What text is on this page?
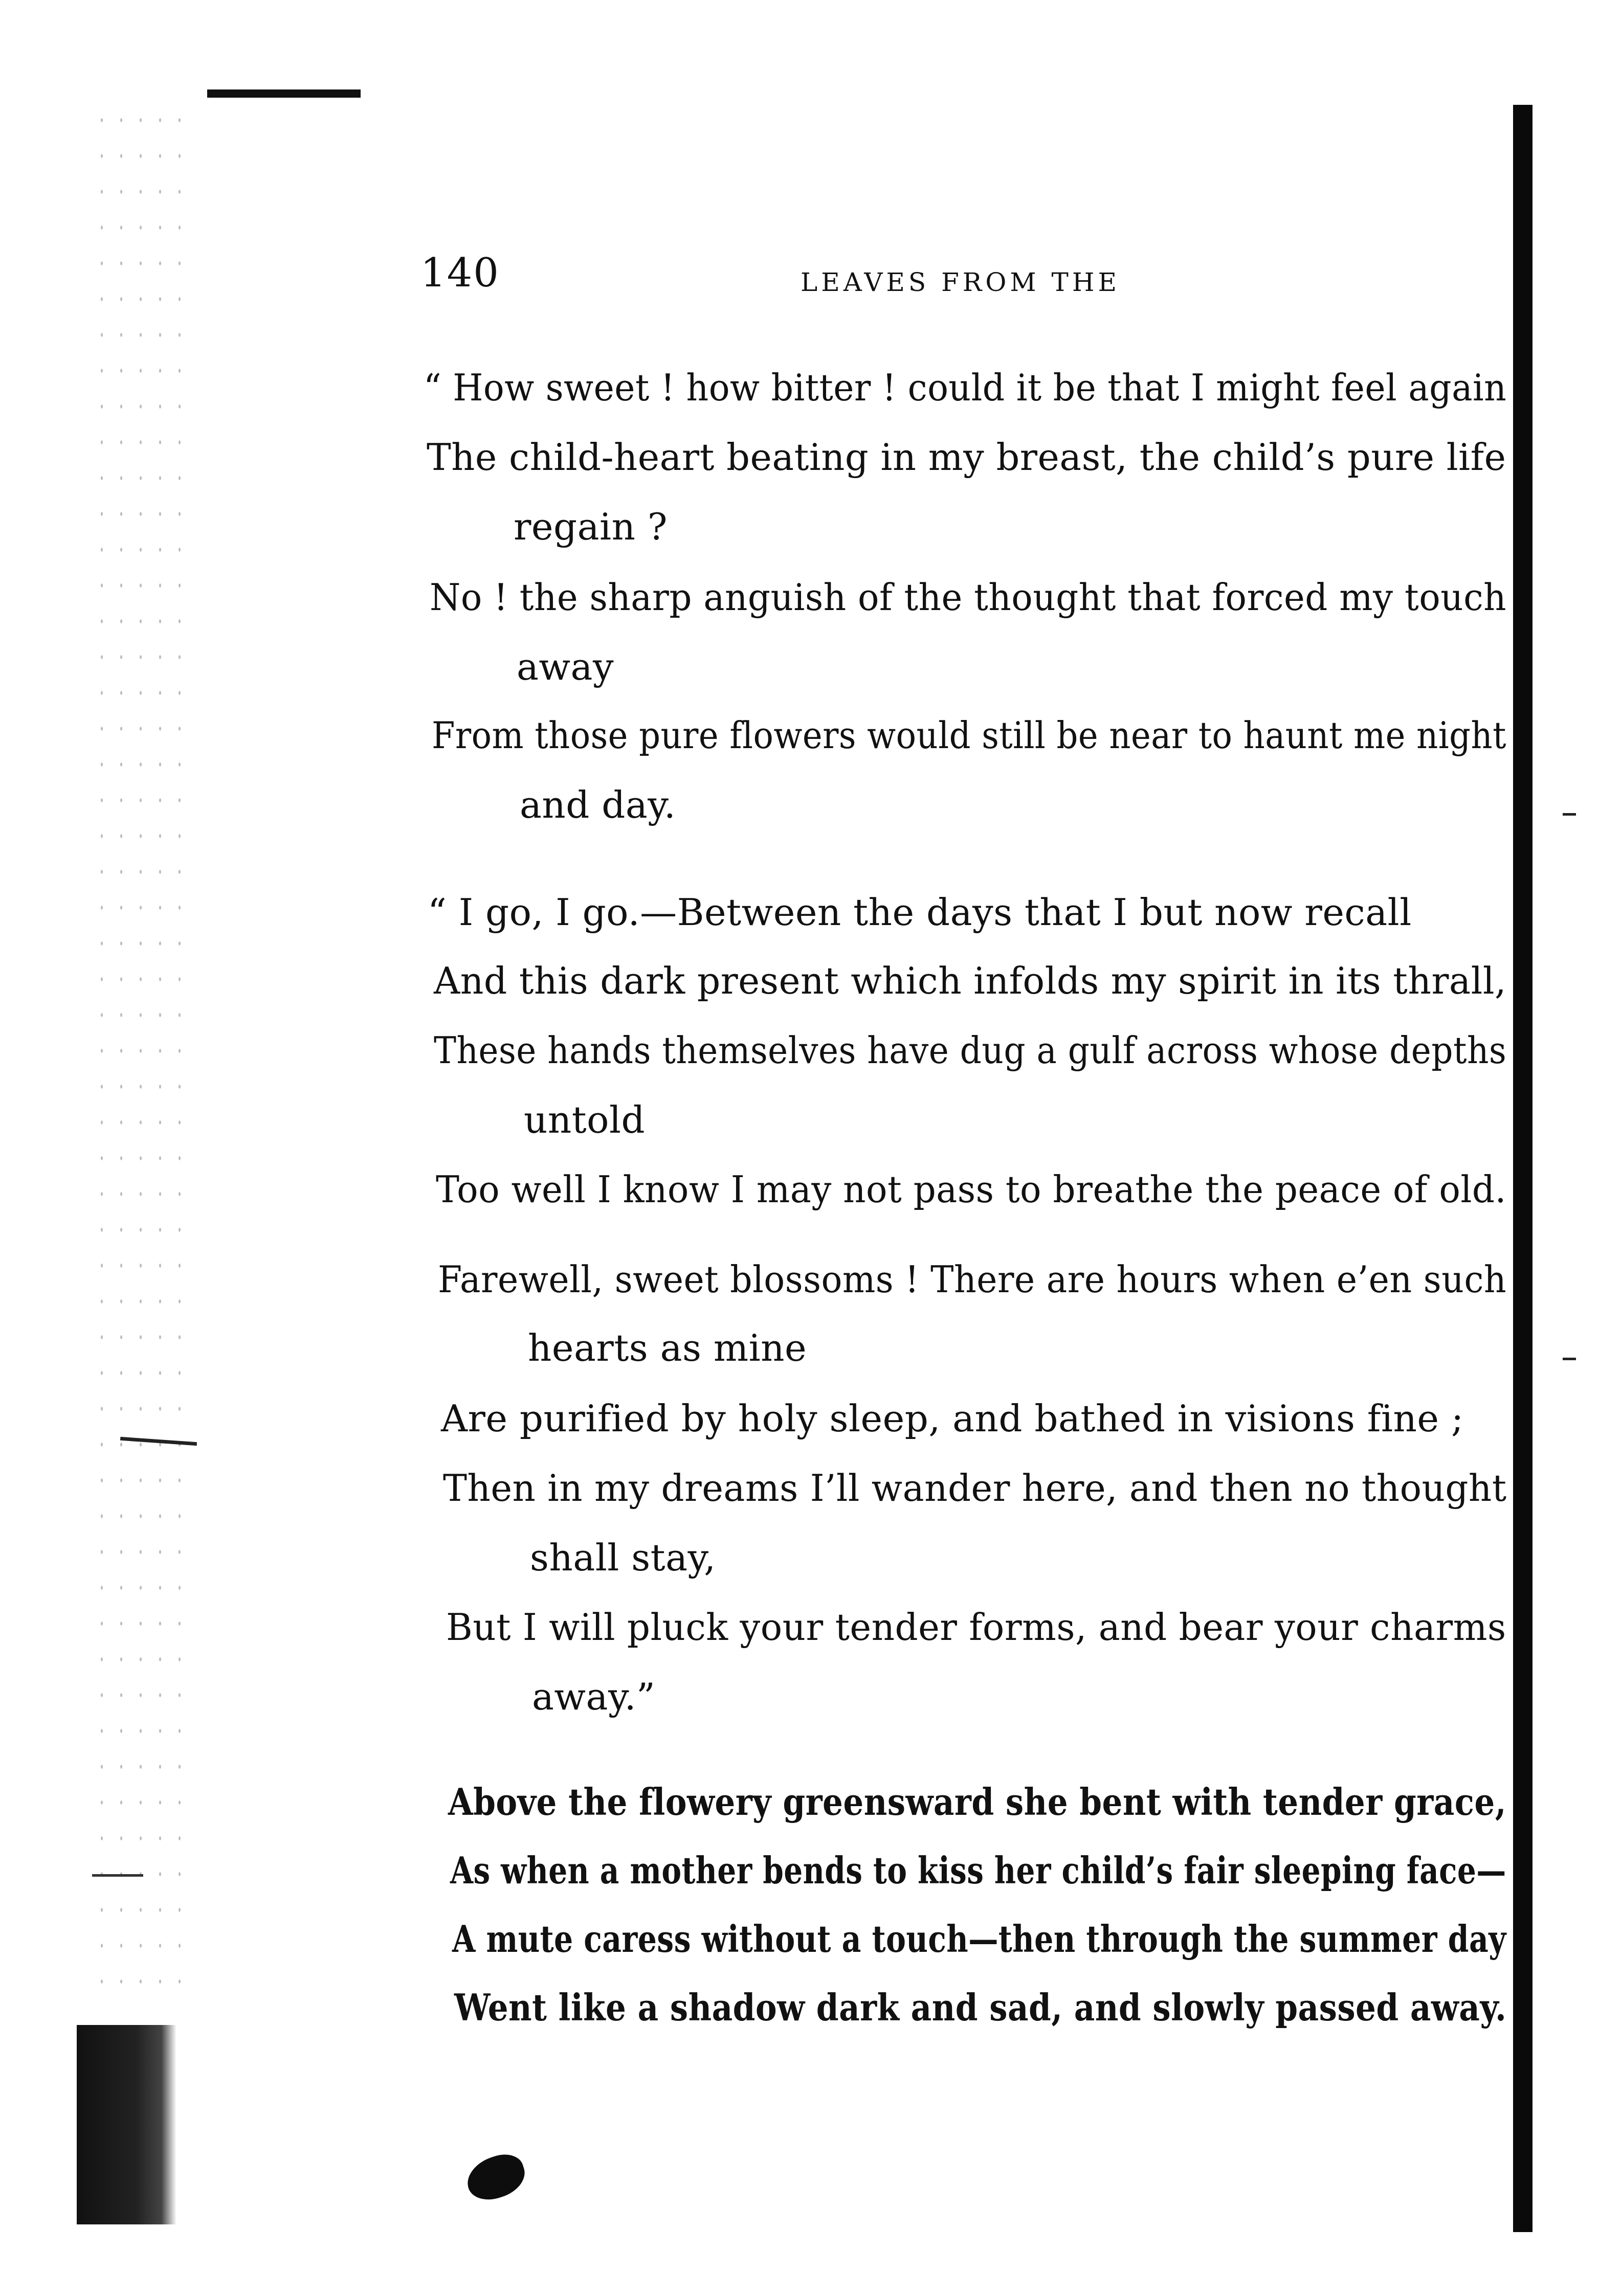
140	LEAVES FROM THE
“ How sweet ! how bitter ! could it be that I might feel again
The child-heart beating in my breast, the child’s pure life
regain ?
No ! the sharp anguish of the thought that forced my touch
away
From those pure flowers would still be near to haunt me night
and day.
“ I go, I go.—Between the days that I but now recall
And this dark present which infolds my spirit in its thrall,
These hands themselves have dug a gulf across whose depths
untold
Too well I know I may not pass to breathe the peace of old.
Farewell, sweet blossoms ! There are hours when e’en such
hearts as mine
Are purified by holy sleep, and bathed in visions fine ;
Then in my dreams I’ll wander here, and then no thought
shall stay,
But I will pluck your tender forms, and bear your charms
away.”
Above the flowery greensward she bent with tender grace,
As when a mother bends to kiss her child’s fair sleeping face—
A mute caress without a touch—then through the summer day
Went like a shadow dark and sad, and slowly passed away.
